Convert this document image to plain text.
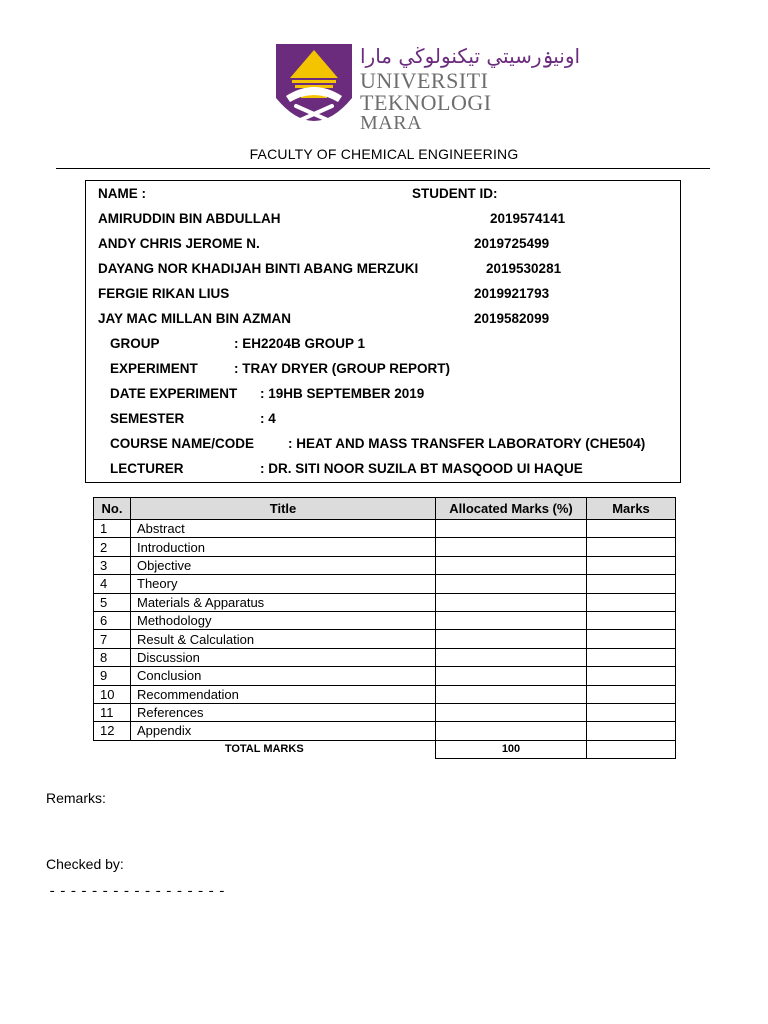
اونيۏرسيتي تيكنولوڬي مارا
UNIVERSITI
TEKNOLOGI
MARA
FACULTY OF CHEMICAL ENGINEERING
NAME :	STUDENT ID:
AMIRUDDIN BIN ABDULLAH	2019574141
ANDY CHRIS JEROME N.	2019725499
DAYANG NOR KHADIJAH BINTI ABANG MERZUKI	2019530281
FERGIE RIKAN LIUS	2019921793
JAY MAC MILLAN BIN AZMAN	2019582099
GROUP	: EH2204B GROUP 1
EXPERIMENT	: TRAY DRYER (GROUP REPORT)
DATE EXPERIMENT : 19HB SEPTEMBER 2019
SEMESTER	: 4
COURSE NAME/CODE	: HEAT AND MASS TRANSFER LABORATORY (CHE504)
LECTURER	: DR. SITI NOOR SUZILA BT MASQOOD UI HAQUE
No.	Title	Allocated Marks (%)	Marks
1	Abstract		
2	Introduction		
3	Objective		
4	Theory		
5	Materials & Apparatus		
6	Methodology		
7	Result & Calculation		
8	Discussion		
9	Conclusion		
10	Recommendation		
11	References		
12	Appendix		
TOTAL MARKS		100	
Remarks:
Checked by:
-----------------
